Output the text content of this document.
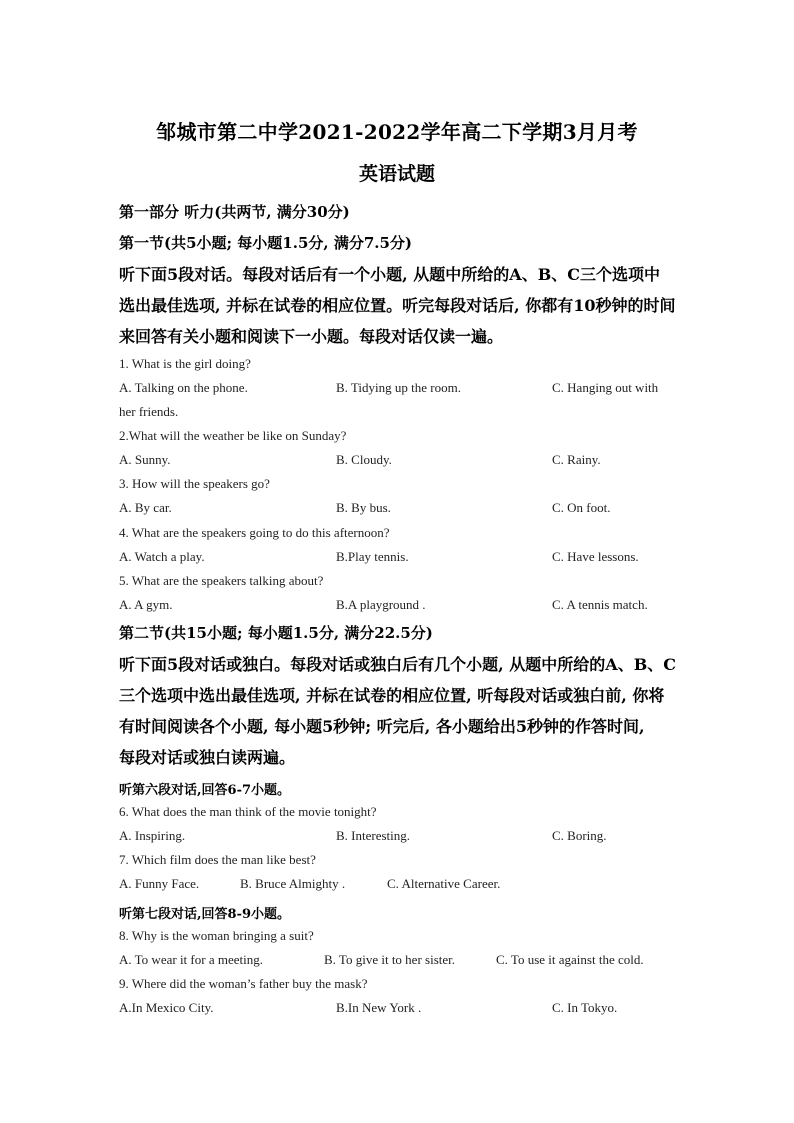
邹城市第二中学2021-2022学年高二下学期3月月考
英语试题
第一部分 听力(共两节, 满分30分)
第一节(共5小题; 每小题1.5分, 满分7.5分)
听下面5段对话。每段对话后有一个小题, 从题中所给的A、B、C三个选项中
选出最佳选项, 并标在试卷的相应位置。听完每段对话后, 你都有10秒钟的时间
来回答有关小题和阅读下一小题。每段对话仅读一遍。
1. What is the girl doing?
A. Talking on the phone.	B. Tidying up the room.	C. Hanging out with
her friends.
2.What will the weather be like on Sunday?
A. Sunny.	B. Cloudy.	C. Rainy.
3. How will the speakers go?
A. By car.	B. By bus.	C. On foot.
4. What are the speakers going to do this afternoon?
A. Watch a play.	B.Play tennis.	C. Have lessons.
5. What are the speakers talking about?
A. A gym.	B.A playground .	C. A tennis match.
第二节(共15小题; 每小题1.5分, 满分22.5分)
听下面5段对话或独白。每段对话或独白后有几个小题, 从题中所给的A、B、C
三个选项中选出最佳选项, 并标在试卷的相应位置, 听每段对话或独白前, 你将
有时间阅读各个小题, 每小题5秒钟; 听完后, 各小题给出5秒钟的作答时间,
每段对话或独白读两遍。
听第六段对话,回答6-7小题。
6. What does the man think of the movie tonight?
A. Inspiring.	B. Interesting.	C. Boring.
7. Which film does the man like best?
A. Funny Face.	B. Bruce Almighty .	C. Alternative Career.
听第七段对话,回答8-9小题。
8. Why is the woman bringing a suit?
A. To wear it for a meeting.	B. To give it to her sister.	C. To use it against the cold.
9. Where did the woman’s father buy the mask?
A.In Mexico City.	B.In New York .	C. In Tokyo.
